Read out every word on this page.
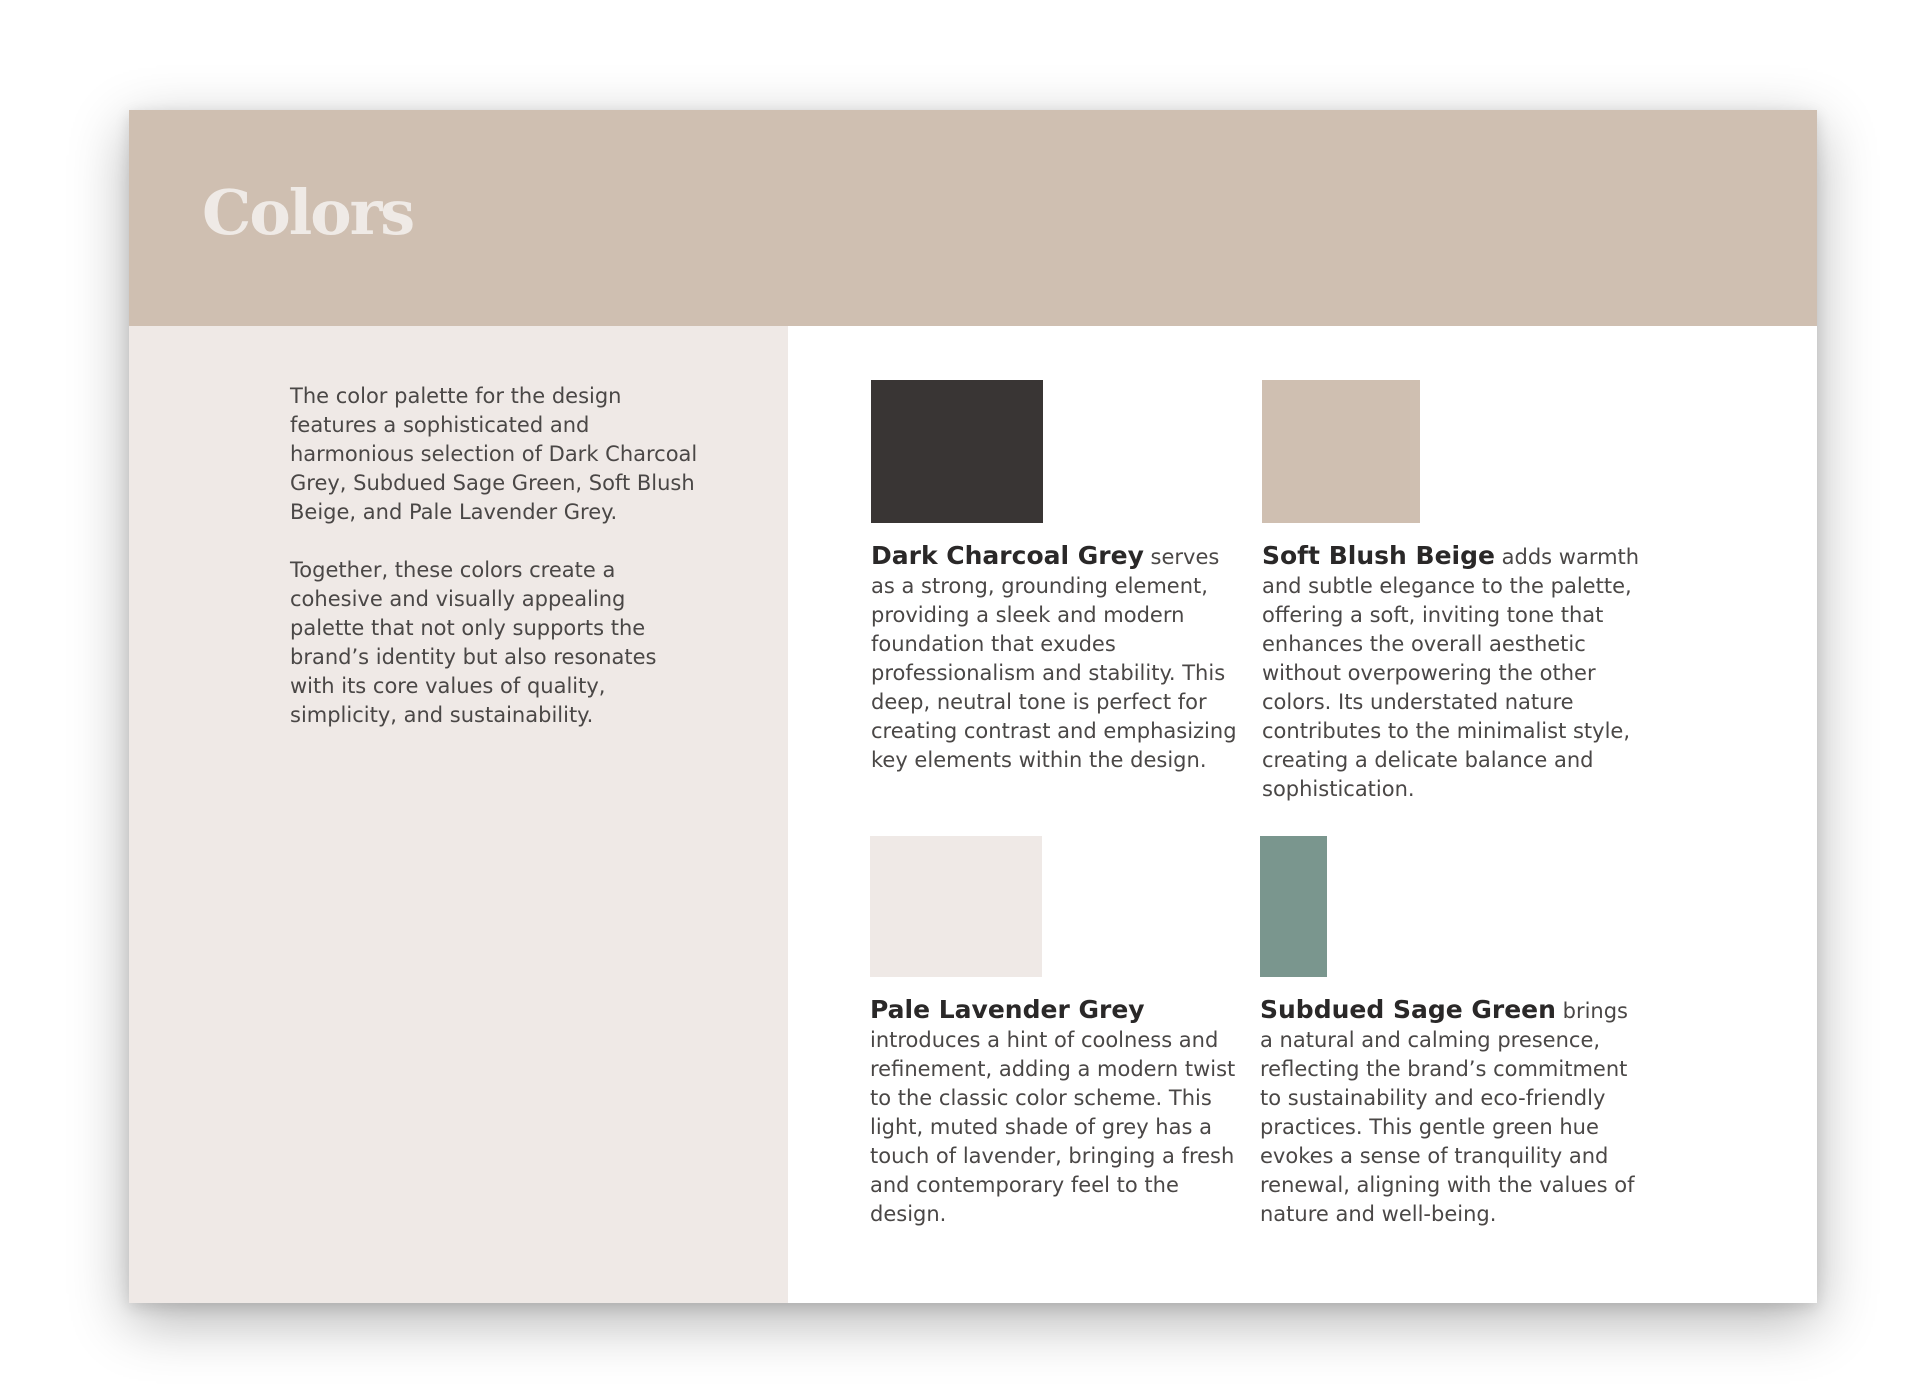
Colors

The color palette for the design features a sophisticated and harmonious selection of Dark Charcoal Grey, Subdued Sage Green, Soft Blush Beige, and Pale Lavender Grey.

Together, these colors create a cohesive and visually appealing palette that not only supports the brand’s identity but also resonates with its core values of quality, simplicity, and sustainability.

Dark Charcoal Grey serves as a strong, grounding element, providing a sleek and modern foundation that exudes professionalism and stability. This deep, neutral tone is perfect for creating contrast and emphasizing key elements within the design.

Soft Blush Beige adds warmth and subtle elegance to the palette, offering a soft, inviting tone that enhances the overall aesthetic without overpowering the other colors. Its understated nature contributes to the minimalist style, creating a delicate balance and sophistication.

Pale Lavender Grey introduces a hint of coolness and refinement, adding a modern twist to the classic color scheme. This light, muted shade of grey has a touch of lavender, bringing a fresh and contemporary feel to the design.

Subdued Sage Green brings a natural and calming presence, reflecting the brand’s commitment to sustainability and eco-friendly practices. This gentle green hue evokes a sense of tranquility and renewal, aligning with the values of nature and well-being.
